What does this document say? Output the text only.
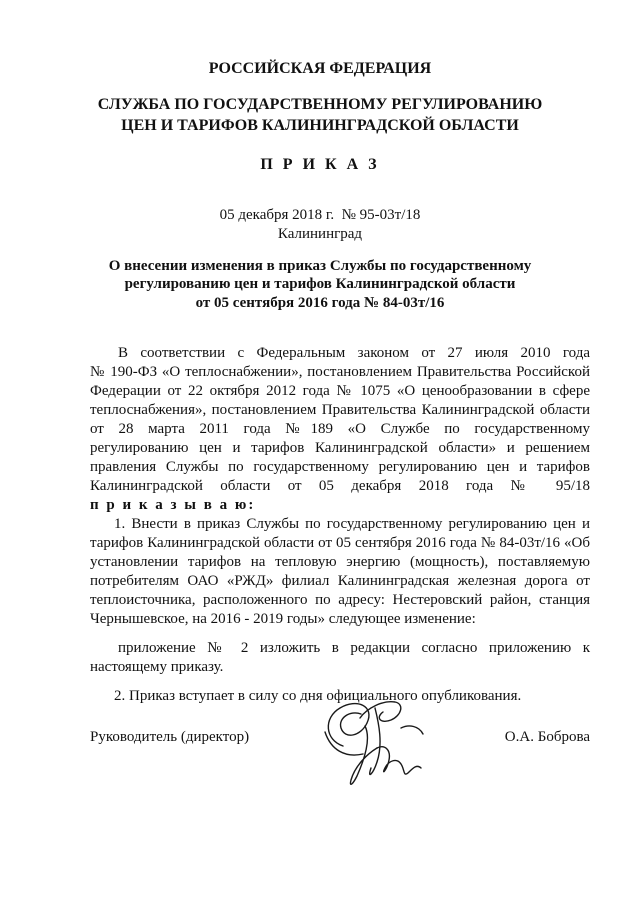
РОССИЙСКАЯ ФЕДЕРАЦИЯ
СЛУЖБА ПО ГОСУДАРСТВЕННОМУ РЕГУЛИРОВАНИЮ
ЦЕН И ТАРИФОВ КАЛИНИНГРАДСКОЙ ОБЛАСТИ
П Р И К А З
05 декабря 2018 г.  № 95-03т/18
Калининград
О внесении изменения в приказ Службы по государственному
регулированию цен и тарифов Калининградской области
от 05 сентября 2016 года № 84-03т/16
В соответствии с Федеральным законом от 27 июля 2010 года
№ 190-ФЗ «О теплоснабжении», постановлением Правительства Российской
Федерации от 22 октября 2012 года № 1075 «О ценообразовании в сфере
теплоснабжения», постановлением Правительства Калининградской области
от 28 марта 2011 года №189 «О Службе по государственному
регулированию цен и тарифов Калининградской области» и решением
правления Службы по государственному регулированию цен и тарифов
Калининградской области от 05 декабря 2018 года № 95/18
п р и к а з ы в а ю:
1. Внести в приказ Службы по государственному регулированию цен и
тарифов Калининградской области от 05 сентября 2016 года № 84-03т/16 «Об
установлении тарифов на тепловую энергию (мощность), поставляемую
потребителям ОАО «РЖД» филиал Калининградская железная дорога от
теплоисточника, расположенного по адресу: Нестеровский район, станция
Чернышевское, на 2016 - 2019 годы» следующее изменение:
приложение № 2 изложить в редакции согласно приложению к
настоящему приказу.
2. Приказ вступает в силу со дня официального опубликования.
Руководитель (директор)	О.А. Боброва
